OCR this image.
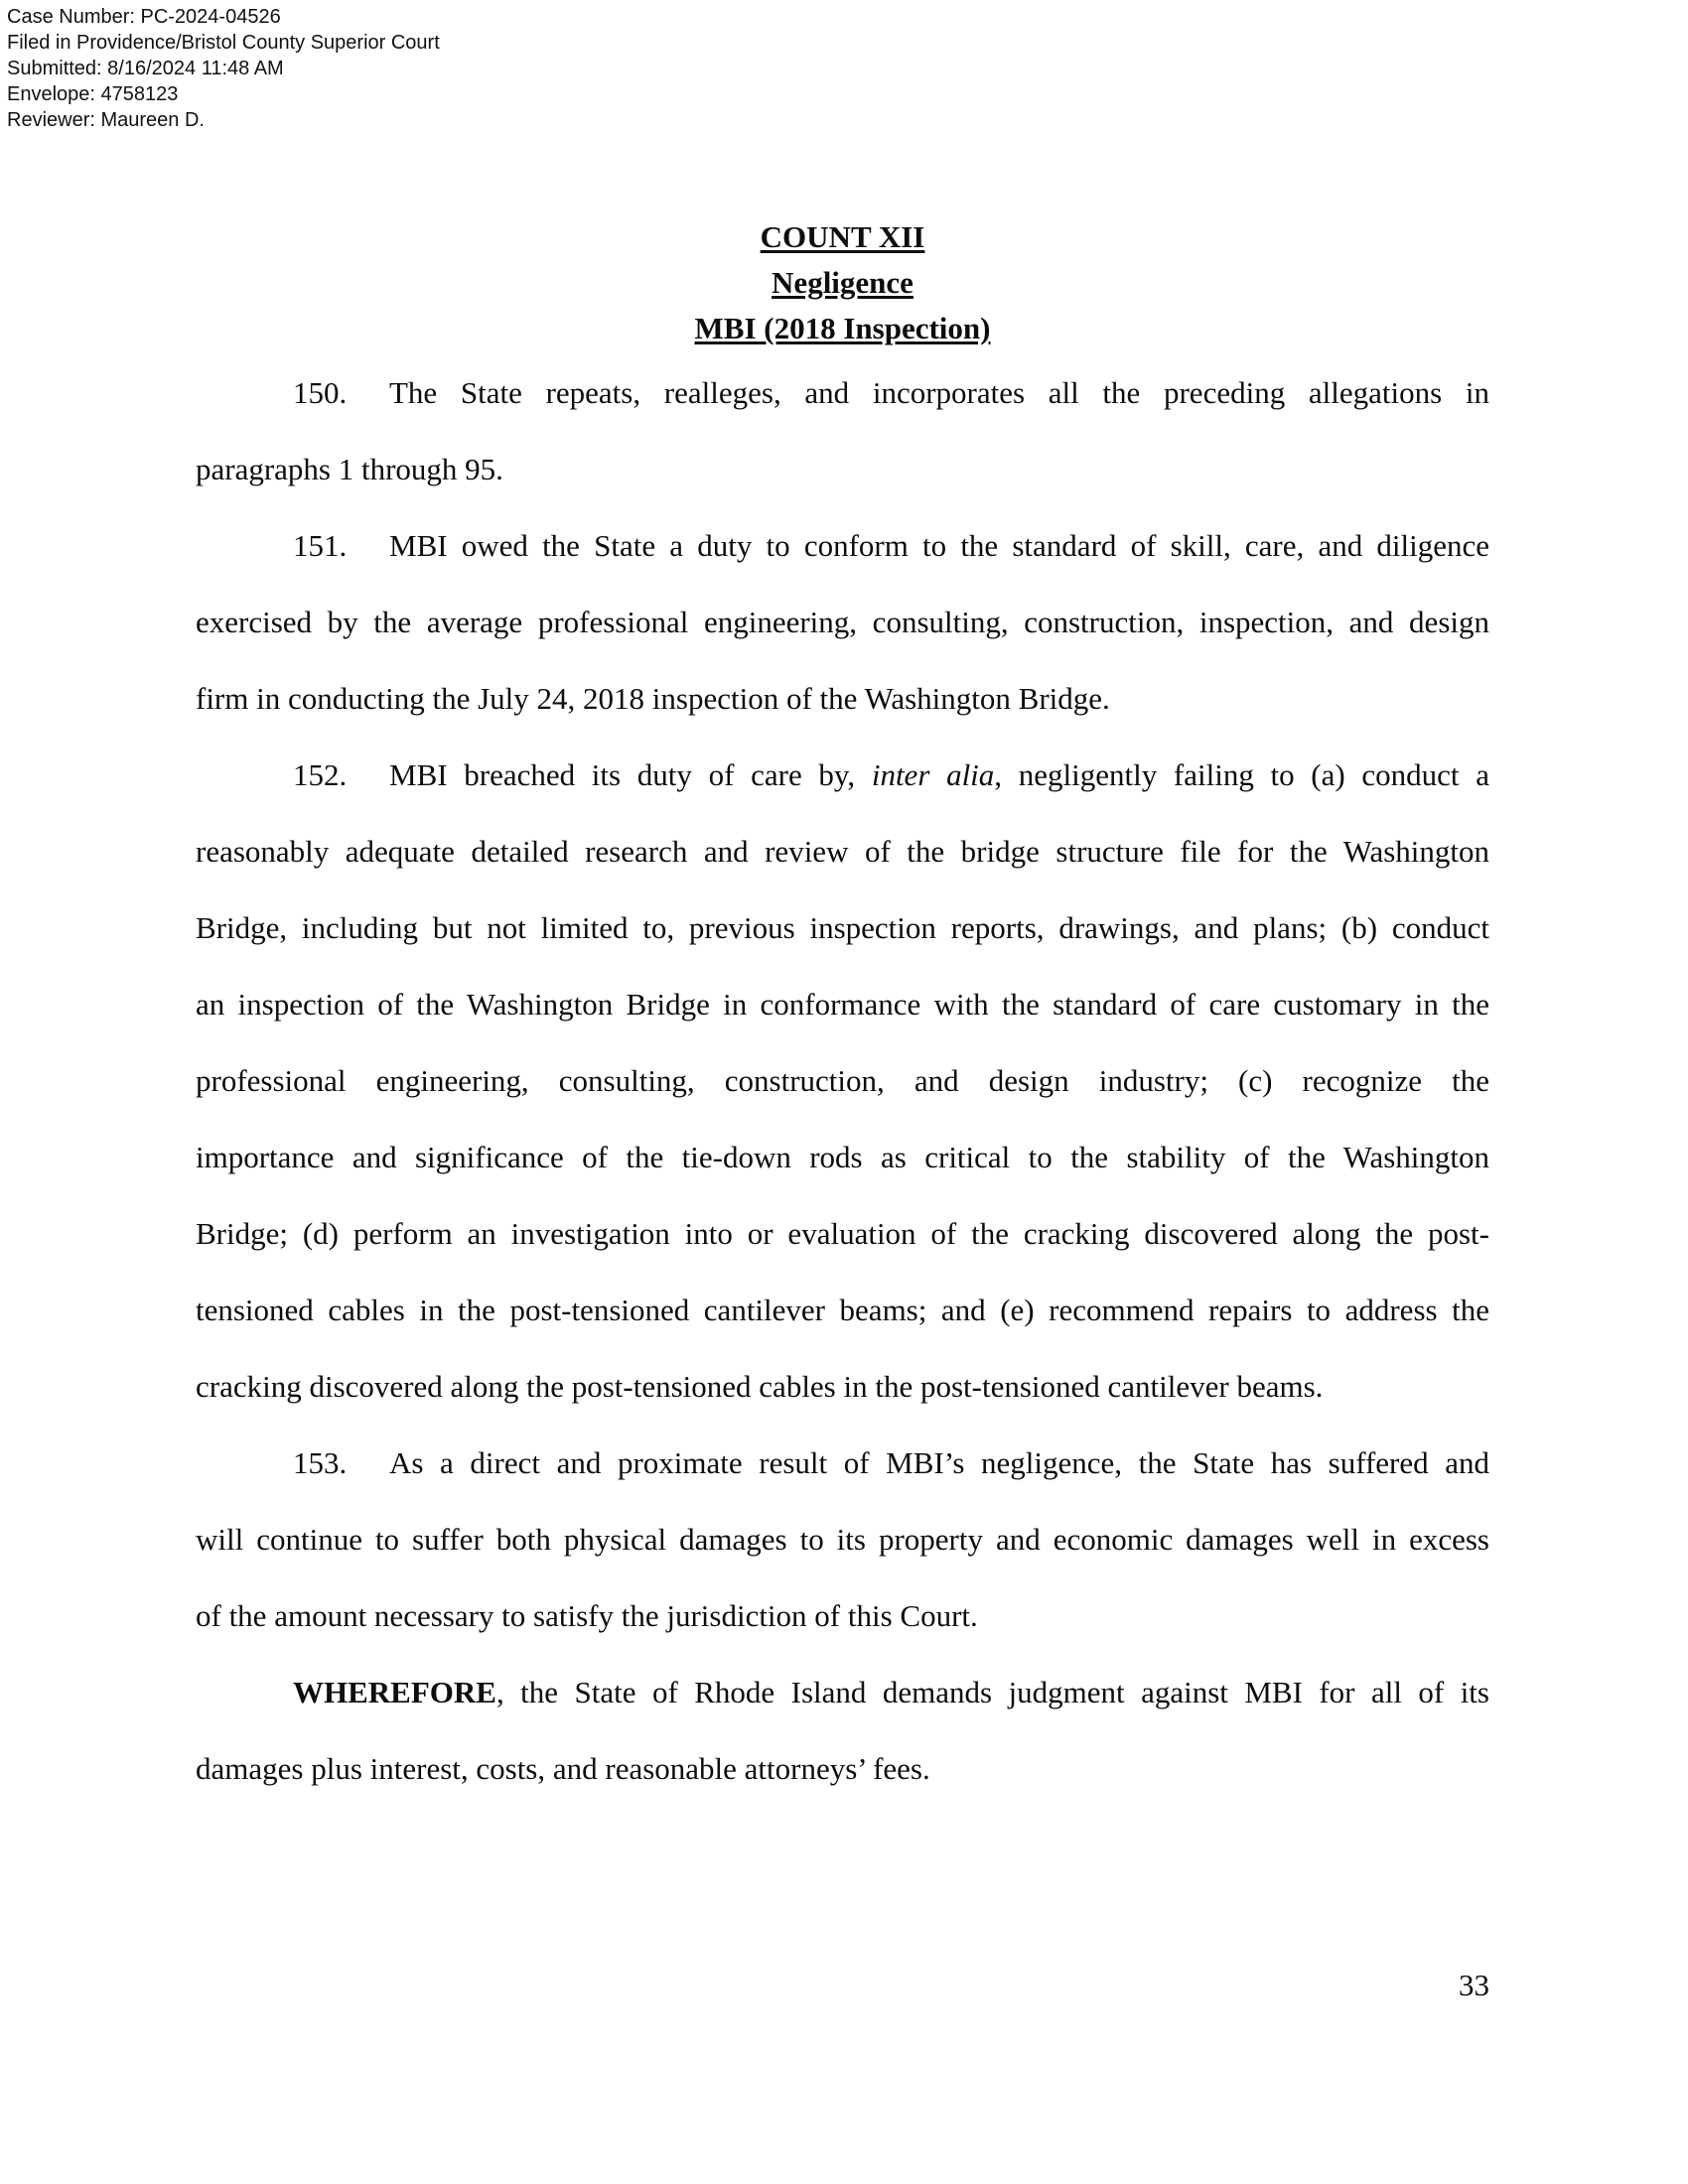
Case Number: PC-2024-04526
Filed in Providence/Bristol County Superior Court
Submitted: 8/16/2024 11:48 AM
Envelope: 4758123
Reviewer: Maureen D.
COUNT XII
Negligence
MBI (2018 Inspection)
150. The State repeats, realleges, and incorporates all the preceding allegations in
paragraphs 1 through 95.
151. MBI owed the State a duty to conform to the standard of skill, care, and diligence
exercised by the average professional engineering, consulting, construction, inspection, and design
firm in conducting the July 24, 2018 inspection of the Washington Bridge.
152. MBI breached its duty of care by, inter alia, negligently failing to (a) conduct a
reasonably adequate detailed research and review of the bridge structure file for the Washington
Bridge, including but not limited to, previous inspection reports, drawings, and plans; (b) conduct
an inspection of the Washington Bridge in conformance with the standard of care customary in the
professional engineering, consulting, construction, and design industry; (c) recognize the
importance and significance of the tie-down rods as critical to the stability of the Washington
Bridge; (d) perform an investigation into or evaluation of the cracking discovered along the post-
tensioned cables in the post-tensioned cantilever beams; and (e) recommend repairs to address the
cracking discovered along the post-tensioned cables in the post-tensioned cantilever beams.
153. As a direct and proximate result of MBI’s negligence, the State has suffered and
will continue to suffer both physical damages to its property and economic damages well in excess
of the amount necessary to satisfy the jurisdiction of this Court.
WHEREFORE, the State of Rhode Island demands judgment against MBI for all of its
damages plus interest, costs, and reasonable attorneys’ fees.
33
